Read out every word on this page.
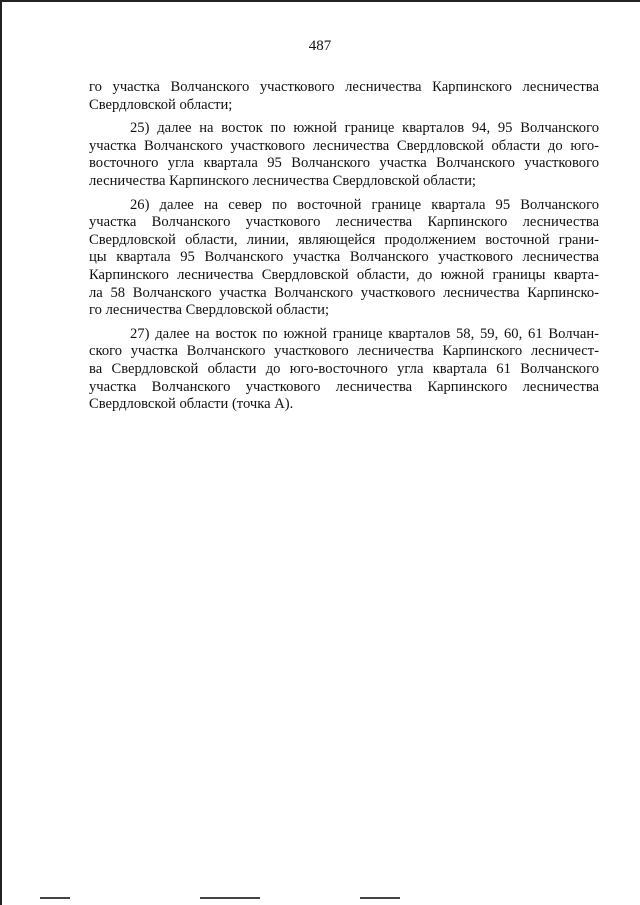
487
го участка Волчанского участкового лесничества Карпинского лесничества
Свердловской области;
25) далее на восток по южной границе кварталов 94, 95 Волчанского
участка Волчанского участкового лесничества Свердловской области до юго-
восточного угла квартала 95 Волчанского участка Волчанского участкового
лесничества Карпинского лесничества Свердловской области;
26) далее на север по восточной границе квартала 95 Волчанского
участка Волчанского участкового лесничества Карпинского лесничества
Свердловской области, линии, являющейся продолжением восточной грани-
цы квартала 95 Волчанского участка Волчанского участкового лесничества
Карпинского лесничества Свердловской области, до южной границы кварта-
ла 58 Волчанского участка Волчанского участкового лесничества Карпинско-
го лесничества Свердловской области;
27) далее на восток по южной границе кварталов 58, 59, 60, 61 Волчан-
ского участка Волчанского участкового лесничества Карпинского лесничест-
ва Свердловской области до юго-восточного угла квартала 61 Волчанского
участка Волчанского участкового лесничества Карпинского лесничества
Свердловской области (точка А).
